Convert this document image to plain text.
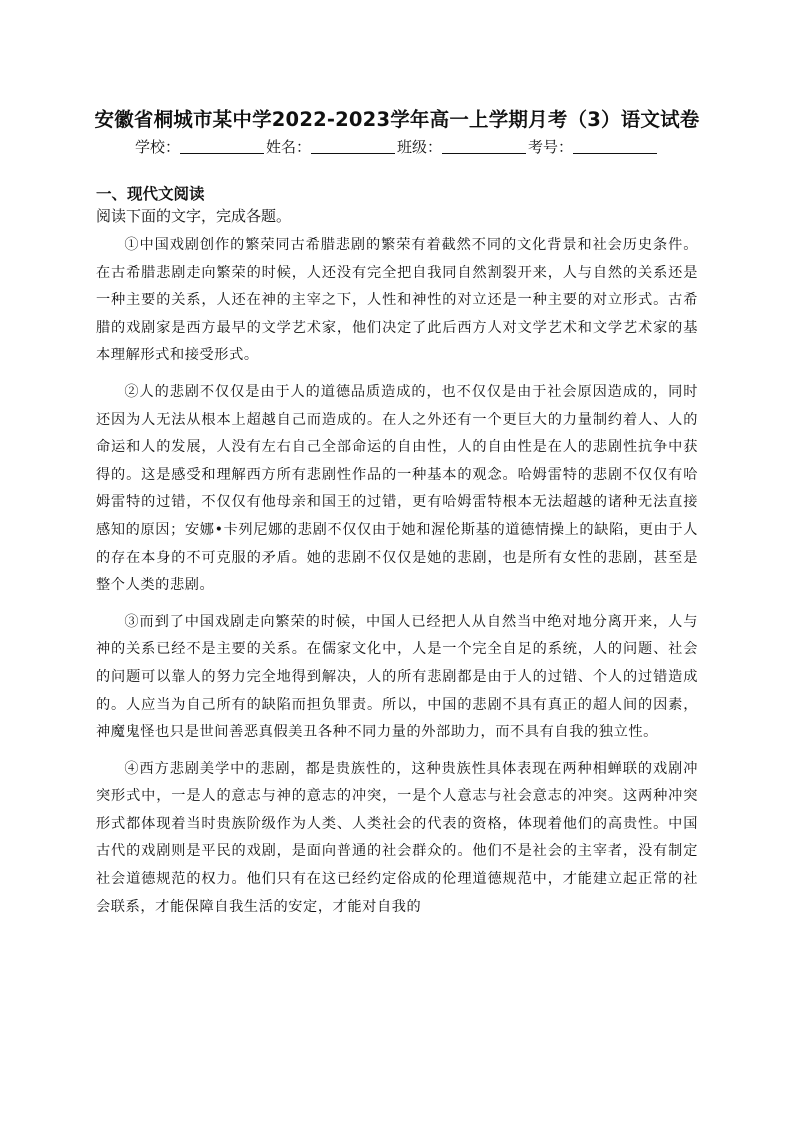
安徽省桐城市某中学2022-2023学年高一上学期月考（3）语文试卷
学校：	姓名：	班级：	考号：
一、现代文阅读
阅读下面的文字，完成各题。

①中国戏剧创作的繁荣同古希腊悲剧的繁荣有着截然不同的文化背景和社会历史条件。在古希腊悲剧走向繁荣的时候，人还没有完全把自我同自然割裂开来，人与自然的关系还是一种主要的关系，人还在神的主宰之下，人性和神性的对立还是一种主要的对立形式。古希腊的戏剧家是西方最早的文学艺术家，他们决定了此后西方人对文学艺术和文学艺术家的基本理解形式和接受形式。

②人的悲剧不仅仅是由于人的道德品质造成的，也不仅仅是由于社会原因造成的，同时还因为人无法从根本上超越自己而造成的。在人之外还有一个更巨大的力量制约着人、人的命运和人的发展，人没有左右自己全部命运的自由性，人的自由性是在人的悲剧性抗争中获得的。这是感受和理解西方所有悲剧性作品的一种基本的观念。哈姆雷特的悲剧不仅仅有哈姆雷特的过错，不仅仅有他母亲和国王的过错，更有哈姆雷特根本无法超越的诸种无法直接感知的原因；安娜•卡列尼娜的悲剧不仅仅由于她和渥伦斯基的道德情操上的缺陷，更由于人的存在本身的不可克服的矛盾。她的悲剧不仅仅是她的悲剧，也是所有女性的悲剧，甚至是整个人类的悲剧。

③而到了中国戏剧走向繁荣的时候，中国人已经把人从自然当中绝对地分离开来，人与神的关系已经不是主要的关系。在儒家文化中，人是一个完全自足的系统，人的问题、社会的问题可以靠人的努力完全地得到解决，人的所有悲剧都是由于人的过错、个人的过错造成的。人应当为自己所有的缺陷而担负罪责。所以，中国的悲剧不具有真正的超人间的因素，神魔鬼怪也只是世间善恶真假美丑各种不同力量的外部助力，而不具有自我的独立性。

④西方悲剧美学中的悲剧，都是贵族性的，这种贵族性具体表现在两种相蝉联的戏剧冲突形式中，一是人的意志与神的意志的冲突，一是个人意志与社会意志的冲突。这两种冲突形式都体现着当时贵族阶级作为人类、人类社会的代表的资格，体现着他们的高贵性。中国古代的戏剧则是平民的戏剧，是面向普通的社会群众的。他们不是社会的主宰者，没有制定社会道德规范的权力。他们只有在这已经约定俗成的伦理道德规范中，才能建立起正常的社会联系，才能保障自我生活的安定，才能对自我的
